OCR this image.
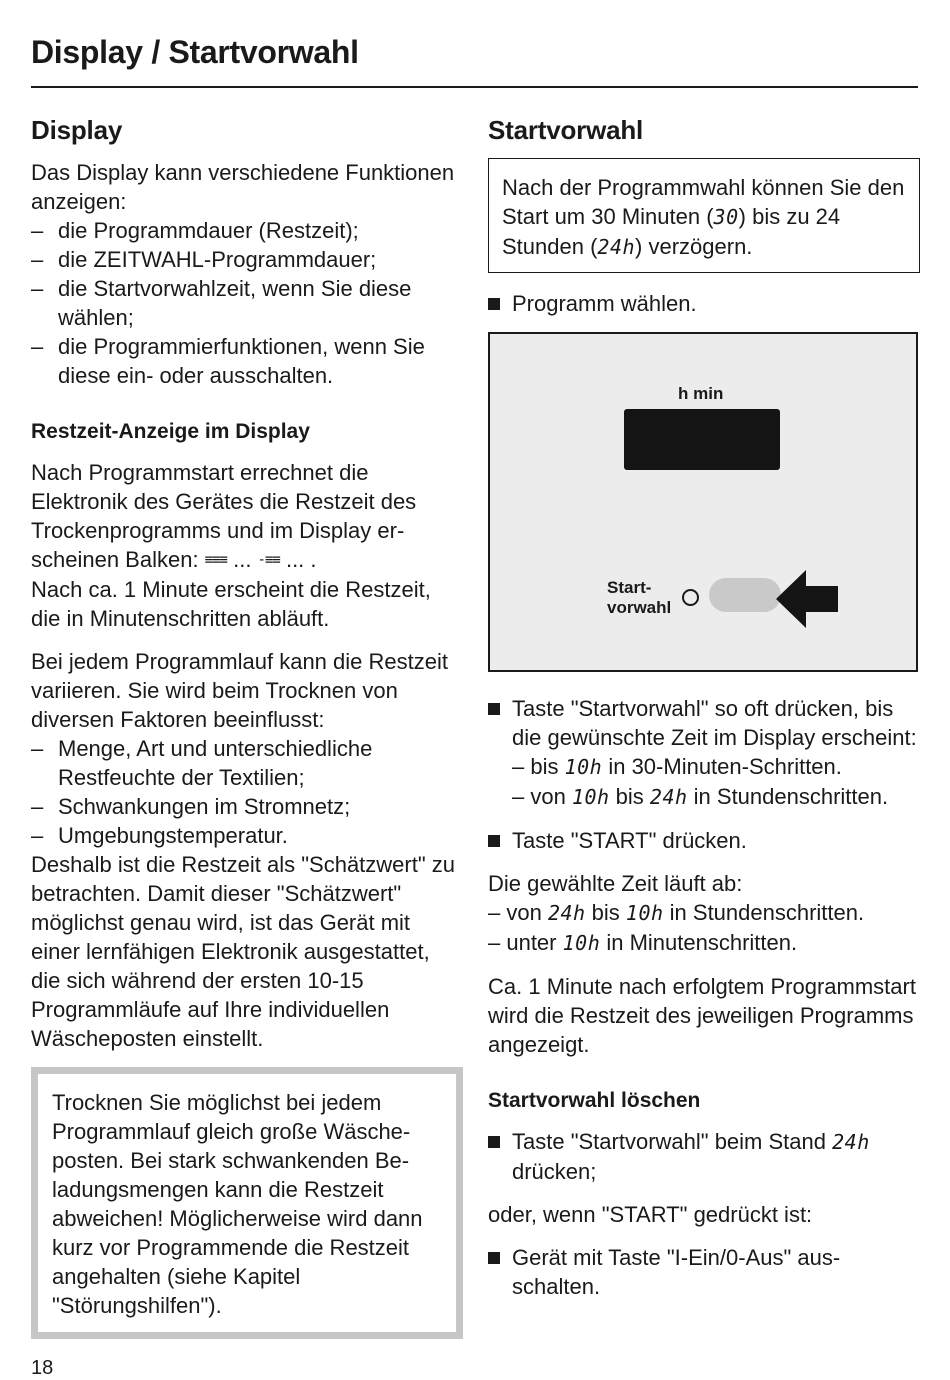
Display / Startvorwahl
Display

Das Display kann verschiedene Funktionen anzeigen:

– die Programmdauer (Restzeit);
– die ZEITWAHL-Programmdauer;
– die Startvorwahlzeit, wenn Sie diese wählen;
– die Programmierfunktionen, wenn Sie diese ein- oder ausschalten.
Restzeit-Anzeige im Display
Nach Programmstart errechnet die Elektronik des Gerätes die Restzeit des Trockenprogramms und im Display erscheinen Balken: ≡≡≡ ... -≡≡ ... .
Nach ca. 1 Minute erscheint die Restzeit, die in Minutenschritten abläuft.

Bei jedem Programmlauf kann die Restzeit variieren. Sie wird beim Trocknen von diversen Faktoren beeinflusst:

– Menge, Art und unterschiedliche Restfeuchte der Textilien;
– Schwankungen im Stromnetz;
– Umgebungstemperatur.

Deshalb ist die Restzeit als "Schätzwert" zu betrachten. Damit dieser "Schätzwert" möglichst genau wird, ist das Gerät mit einer lernfähigen Elektronik ausgestattet, die sich während der ersten 10-15 Programmläufe auf Ihre individuellen Wäscheposten einstellt.

Trocknen Sie möglichst bei jedem Programmlauf gleich große Wäscheposten. Bei stark schwankenden Beladungsmengen kann die Restzeit abweichen! Möglicherweise wird dann kurz vor Programmende die Restzeit angehalten (siehe Kapitel "Störungshilfen").

Startvorwahl

Nach der Programmwahl können Sie den Start um 30 Minuten (30) bis zu 24 Stunden (24h) verzögern.

Programm wählen.
h min
Start-
vorwahl
Taste "Startvorwahl" so oft drücken, bis die gewünschte Zeit im Display erscheint:
– bis 10h in 30-Minuten-Schritten.
– von 10h bis 24h in Stundenschritten.
Taste "START" drücken.
Die gewählte Zeit läuft ab:
– von 24h bis 10h in Stundenschritten.
– unter 10h in Minutenschritten.

Ca. 1 Minute nach erfolgtem Programmstart wird die Restzeit des jeweiligen Programms angezeigt.

Startvorwahl löschen
Taste "Startvorwahl" beim Stand 24h drücken;

oder, wenn "START" gedrückt ist:

Gerät mit Taste "I-Ein/0-Aus" ausschalten.
18
